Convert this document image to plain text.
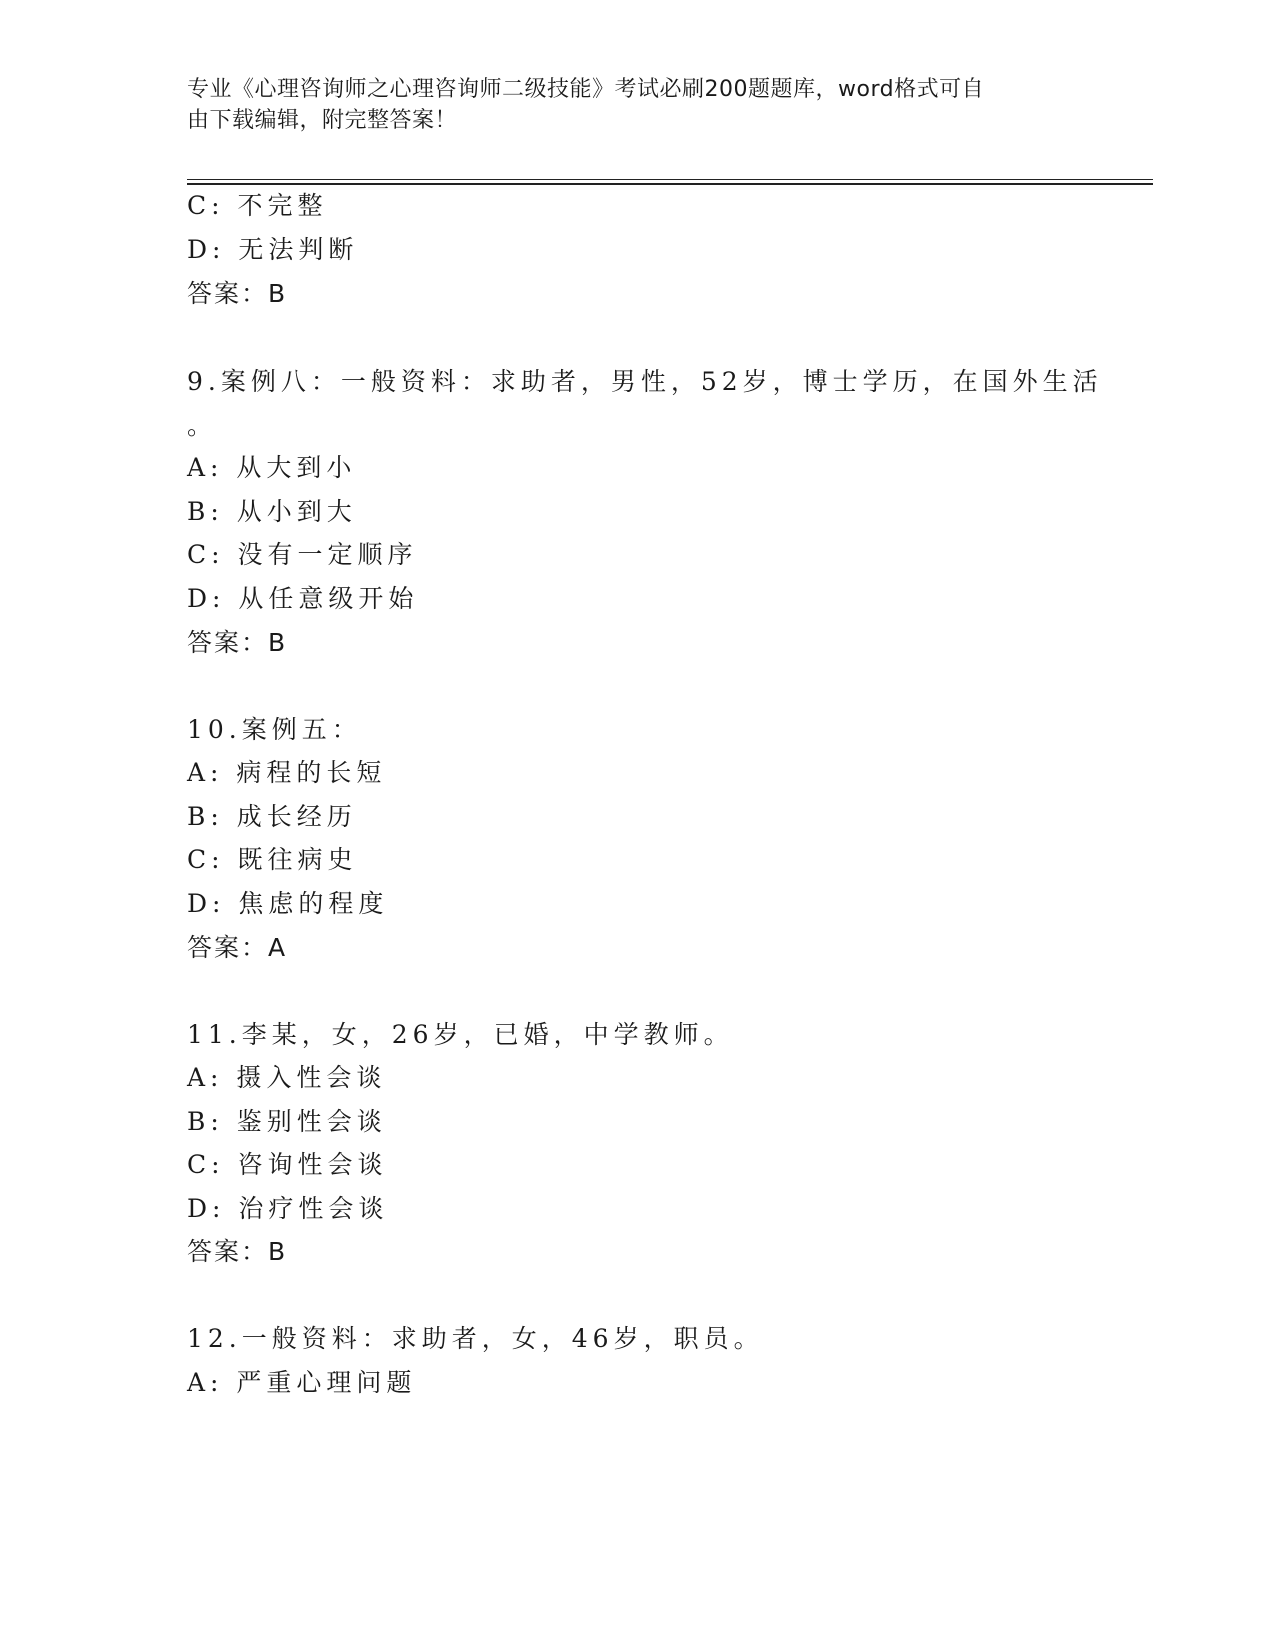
专业《心理咨询师之心理咨询师二级技能》考试必刷200题题库，word格式可自
由下载编辑，附完整答案！
C: 不完整
D: 无法判断
答案：B
9.案例八：一般资料：求助者，男性，52岁，博士学历，在国外生活
。
A: 从大到小
B: 从小到大
C: 没有一定顺序
D: 从任意级开始
答案：B
10.案例五：
A: 病程的长短
B: 成长经历
C: 既往病史
D: 焦虑的程度
答案：A
11.李某，女，26岁，已婚，中学教师。
A: 摄入性会谈
B: 鉴别性会谈
C: 咨询性会谈
D: 治疗性会谈
答案：B
12.一般资料：求助者，女，46岁，职员。
A: 严重心理问题
